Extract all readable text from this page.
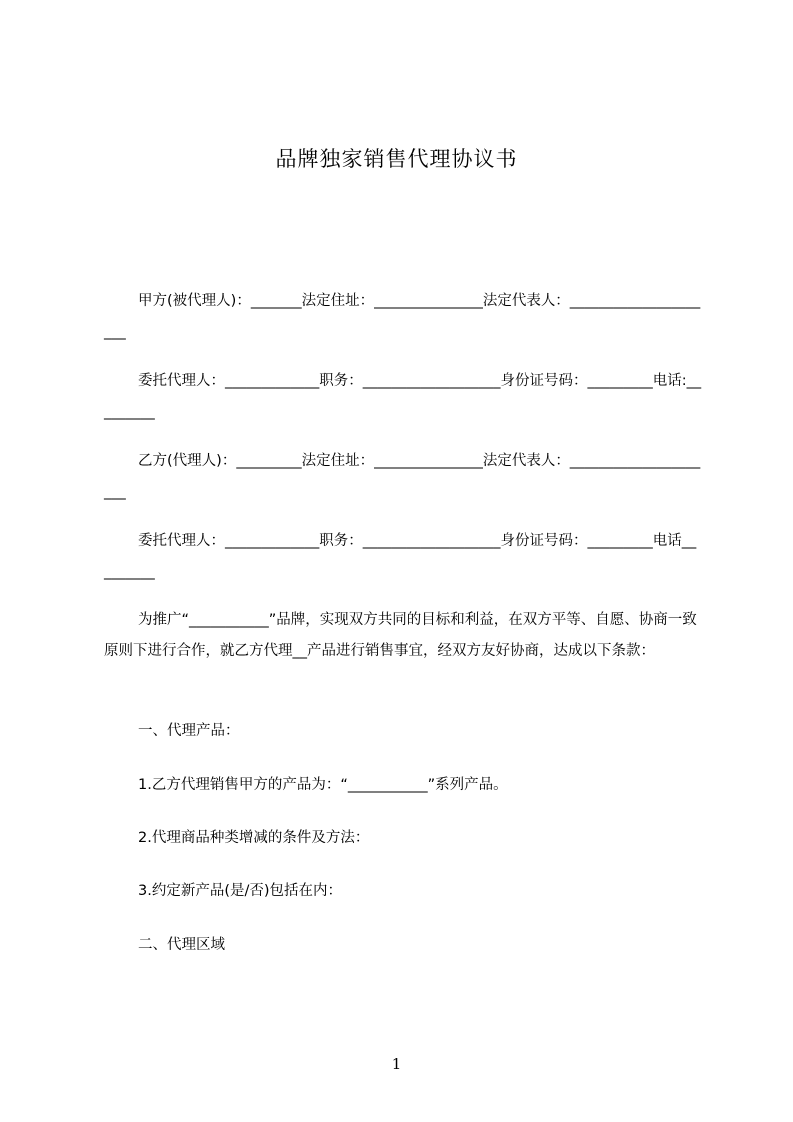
品牌独家销售代理协议书
甲方(被代理人)：_______法定住址：_______________法定代表人：_____________________
委托代理人：_____________职务：___________________身份证号码：_________电话:_________
乙方(代理人)：_________法定住址：_______________法定代表人：_____________________
委托代理人：_____________职务：___________________身份证号码：_________电话_________
为推广“___________”品牌，实现双方共同的目标和利益，在双方平等、自愿、协商一致原则下进行合作，就乙方代理__产品进行销售事宜，经双方友好协商，达成以下条款：
一、代理产品：
1.乙方代理销售甲方的产品为：“___________”系列产品。
2.代理商品种类增减的条件及方法：
3.约定新产品(是/否)包括在内：
二、代理区域
1
